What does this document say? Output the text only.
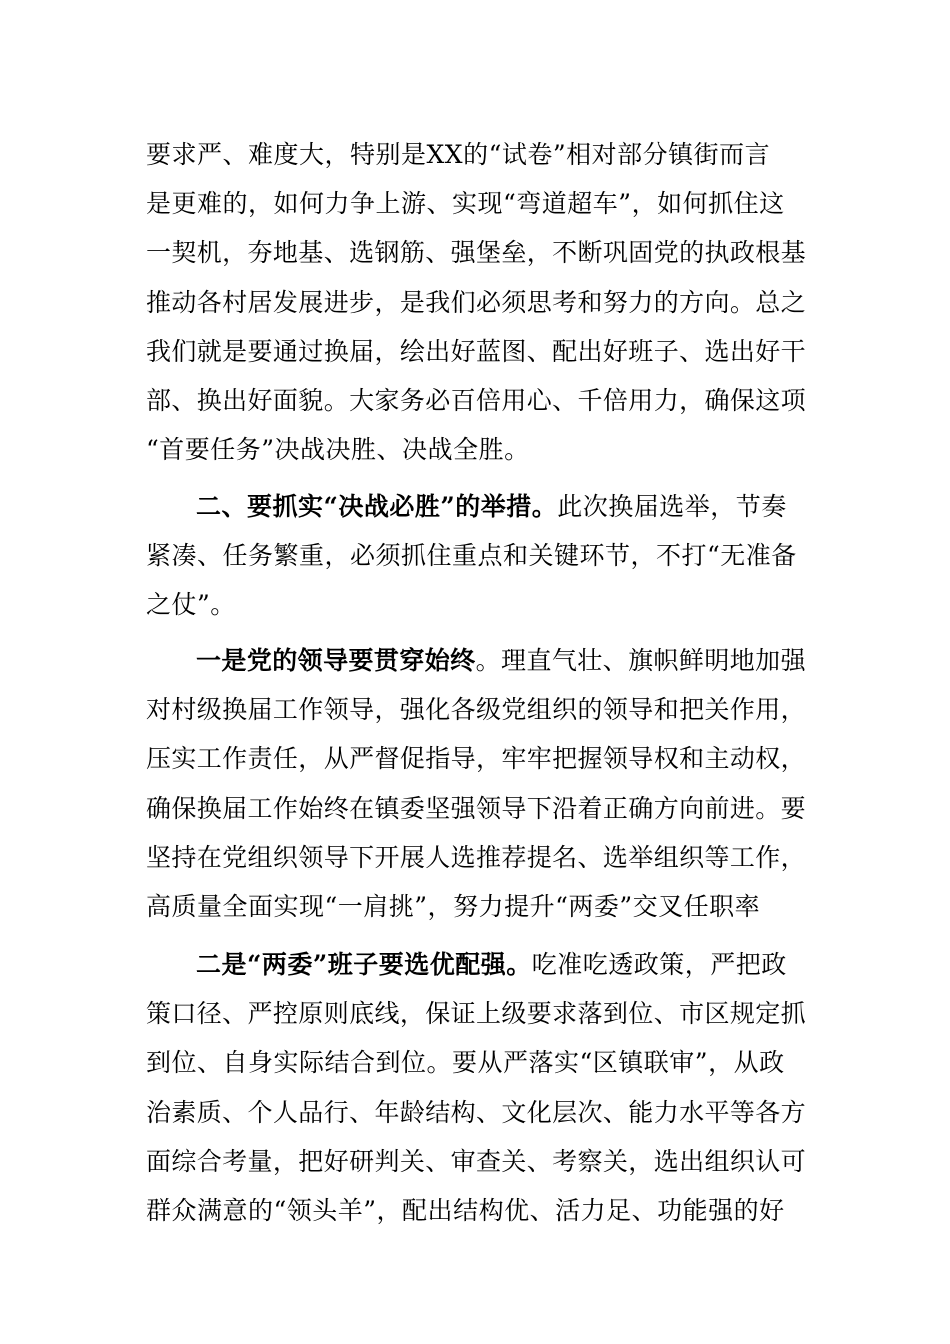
要求严、难度大，特别是XX的“试卷”相对部分镇街而言
是更难的，如何力争上游、实现“弯道超车”，如何抓住这
一契机，夯地基、选钢筋、强堡垒，不断巩固党的执政根基
推动各村居发展进步，是我们必须思考和努力的方向。总之
我们就是要通过换届，绘出好蓝图、配出好班子、选出好干
部、换出好面貌。大家务必百倍用心、千倍用力，确保这项
“首要任务”决战决胜、决战全胜。
二、要抓实“决战必胜”的举措。此次换届选举，节奏
紧凑、任务繁重，必须抓住重点和关键环节，不打“无准备
之仗”。
一是党的领导要贯穿始终。理直气壮、旗帜鲜明地加强
对村级换届工作领导，强化各级党组织的领导和把关作用，
压实工作责任，从严督促指导，牢牢把握领导权和主动权，
确保换届工作始终在镇委坚强领导下沿着正确方向前进。要
坚持在党组织领导下开展人选推荐提名、选举组织等工作，
高质量全面实现“一肩挑”，努力提升“两委”交叉任职率
二是“两委”班子要选优配强。吃准吃透政策，严把政
策口径、严控原则底线，保证上级要求落到位、市区规定抓
到位、自身实际结合到位。要从严落实“区镇联审”，从政
治素质、个人品行、年龄结构、文化层次、能力水平等各方
面综合考量，把好研判关、审查关、考察关，选出组织认可
群众满意的“领头羊”，配出结构优、活力足、功能强的好
